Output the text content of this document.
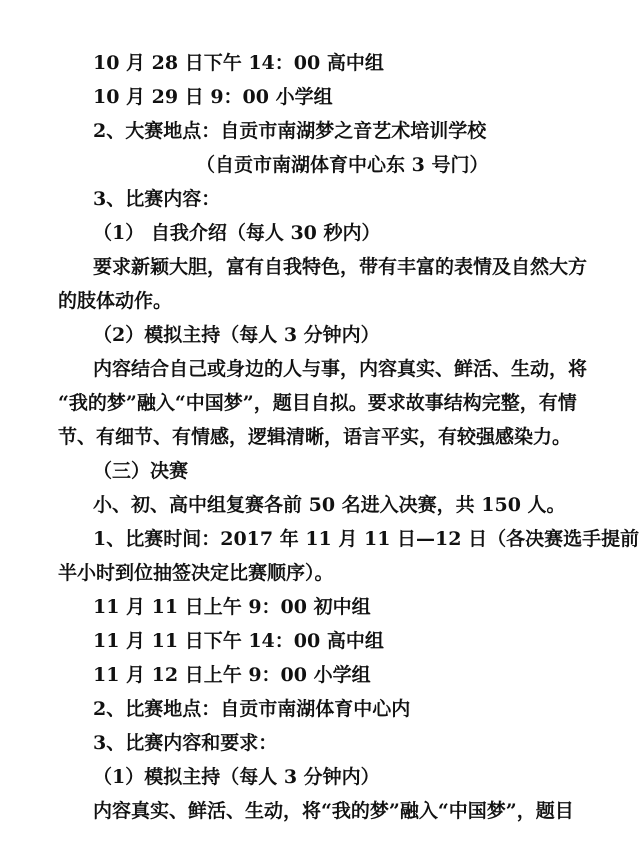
10 月 28 日下午 14：00 高中组
10 月 29 日 9：00 小学组
2、大赛地点：自贡市南湖梦之音艺术培训学校
（自贡市南湖体育中心东 3 号门）
3、比赛内容：
（1） 自我介绍（每人 30 秒内）
要求新颖大胆，富有自我特色，带有丰富的表情及自然大方
的肢体动作。
（2）模拟主持（每人 3 分钟内）
内容结合自己或身边的人与事，内容真实、鲜活、生动，将
“我的梦”融入“中国梦”，题目自拟。要求故事结构完整，有情
节、有细节、有情感，逻辑清晰，语言平实，有较强感染力。
（三）决赛
小、初、高中组复赛各前 50 名进入决赛，共 150 人。
1、比赛时间：2017 年 11 月 11 日—12 日（各决赛选手提前
半小时到位抽签决定比赛顺序）。
11 月 11 日上午 9：00 初中组
11 月 11 日下午 14：00 高中组
11 月 12 日上午 9：00 小学组
2、比赛地点：自贡市南湖体育中心内
3、比赛内容和要求：
（1）模拟主持（每人 3 分钟内）
内容真实、鲜活、生动，将“我的梦”融入“中国梦”，题目
